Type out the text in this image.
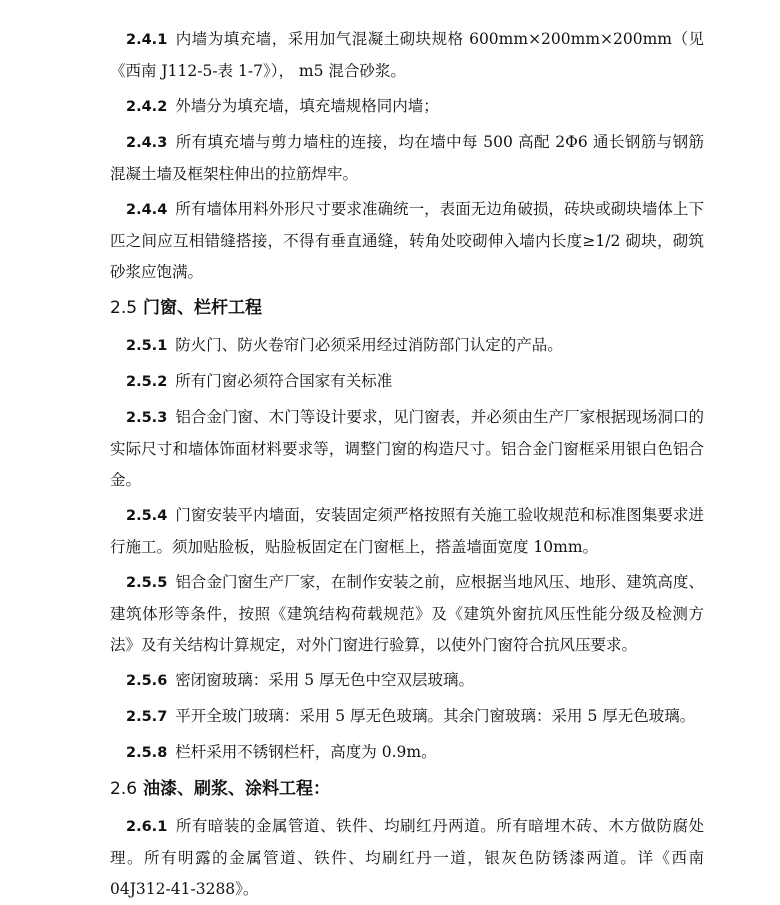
2.4.1 内墙为填充墙，采用加气混凝土砌块规格 600mm×200mm×200mm（见《西南 J112-5-表 1-7》）， m5 混合砂浆。

2.4.2 外墙分为填充墙，填充墙规格同内墙；

2.4.3 所有填充墙与剪力墙柱的连接，均在墙中每 500 高配 2Φ6 通长钢筋与钢筋混凝土墙及框架柱伸出的拉筋焊牢。

2.4.4 所有墙体用料外形尺寸要求准确统一，表面无边角破损，砖块或砌块墙体上下匹之间应互相错缝搭接，不得有垂直通缝，转角处咬砌伸入墙内长度≥1/2 砌块，砌筑砂浆应饱满。

2.5 门窗、栏杆工程

2.5.1 防火门、防火卷帘门必须采用经过消防部门认定的产品。

2.5.2 所有门窗必须符合国家有关标准

2.5.3 铝合金门窗、木门等设计要求，见门窗表，并必须由生产厂家根据现场洞口的实际尺寸和墙体饰面材料要求等，调整门窗的构造尺寸。铝合金门窗框采用银白色铝合金。

2.5.4 门窗安装平内墙面，安装固定须严格按照有关施工验收规范和标准图集要求进行施工。须加贴脸板，贴脸板固定在门窗框上，搭盖墙面宽度 10mm。

2.5.5 铝合金门窗生产厂家，在制作安装之前，应根据当地风压、地形、建筑高度、建筑体形等条件，按照《建筑结构荷载规范》及《建筑外窗抗风压性能分级及检测方法》及有关结构计算规定，对外门窗进行验算，以使外门窗符合抗风压要求。

2.5.6 密闭窗玻璃：采用 5 厚无色中空双层玻璃。

2.5.7 平开全玻门玻璃：采用 5 厚无色玻璃。其余门窗玻璃：采用 5 厚无色玻璃。

2.5.8 栏杆采用不锈钢栏杆，高度为 0.9m。

2.6 油漆、刷浆、涂料工程：

2.6.1 所有暗装的金属管道、铁件、均刷红丹两道。所有暗埋木砖、木方做防腐处理。所有明露的金属管道、铁件、均刷红丹一道，银灰色防锈漆两道。详《西南 04J312-41-3288》。
